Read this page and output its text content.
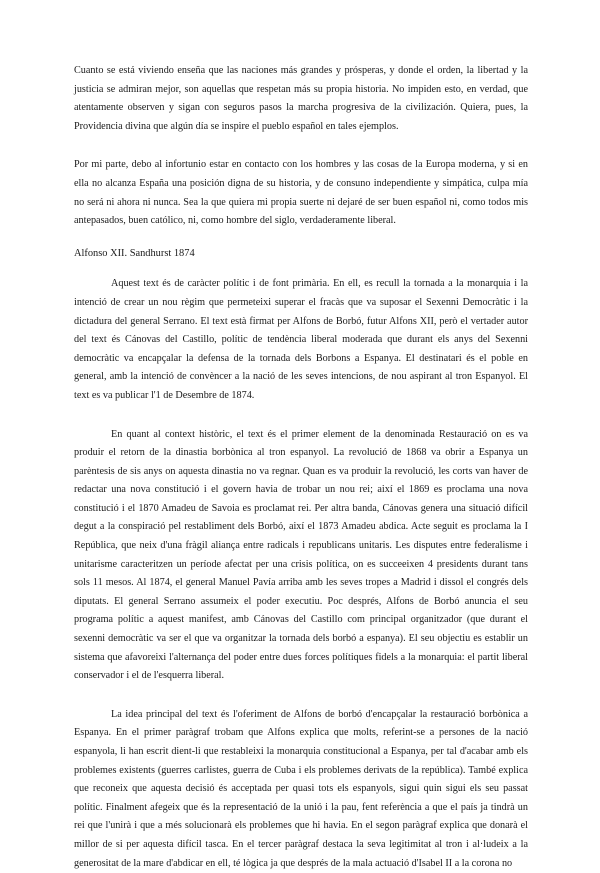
Cuanto se está viviendo enseña que las naciones más grandes y prósperas, y donde el orden, la libertad y la justicia se admiran mejor, son aquellas que respetan más su propia historia. No impiden esto, en verdad, que atentamente observen y sigan con seguros pasos la marcha progresiva de la civilización. Quiera, pues, la Providencia divina que algún día se inspire el pueblo español en tales ejemplos.

Por mi parte, debo al infortunio estar en contacto con los hombres y las cosas de la Europa moderna, y si en ella no alcanza España una posición digna de su historia, y de consuno independiente y simpática, culpa mía no será ni ahora ni nunca. Sea la que quiera mi propia suerte ni dejaré de ser buen español ni, como todos mis antepasados, buen católico, ni, como hombre del siglo, verdaderamente liberal.

Alfonso XII. Sandhurst 1874

Aquest text és de caràcter polític i de font primària. En ell, es recull la tornada a la monarquia i la intenció de crear un nou règim que permeteixi superar el fracàs que va suposar el Sexenni Democràtic i la dictadura del general Serrano. El text està firmat per Alfons de Borbó, futur Alfons XII, però el vertader autor del text és Cánovas del Castillo, polític de tendència liberal moderada que durant els anys del Sexenni democràtic va encapçalar la defensa de la tornada dels Borbons a Espanya. El destinatari és el poble en general, amb la intenció de convèncer a la nació de les seves intencions, de nou aspirant al tron Espanyol. El text es va publicar l'1 de Desembre de 1874.

En quant al context històric, el text és el primer element de la denominada Restauració on es va produir el retorn de la dinastia borbònica al tron espanyol. La revolució de 1868 va obrir a Espanya un parèntesis de sis anys on aquesta dinastia no va regnar. Quan es va produir la revolució, les corts van haver de redactar una nova constitució i el govern havia de trobar un nou rei; així el 1869 es proclama una nova constitució i el 1870 Amadeu de Savoia es proclamat rei. Per altra banda, Cánovas genera una situació difícil degut a la conspiració pel restabliment dels Borbó, així el 1873 Amadeu abdica. Acte seguit es proclama la I República, que neix d'una fràgil aliança entre radicals i republicans unitaris. Les disputes entre federalisme i unitarisme caracteritzen un període afectat per una crisis política, on es succeeixen 4 presidents durant tans sols 11 mesos. Al 1874, el general Manuel Pavía arriba amb les seves tropes a Madrid i dissol el congrés dels diputats. El general Serrano assumeix el poder executiu. Poc després, Alfons de Borbó anuncia el seu programa polític a aquest manifest, amb Cánovas del Castillo com principal organitzador (que durant el sexenni democràtic va ser el que va organitzar la tornada dels borbó a espanya). El seu objectiu es establir un sistema que afavoreixi l'alternança del poder entre dues forces polítiques fidels a la monarquia: el partit liberal conservador i el de l'esquerra liberal.

La idea principal del text és l'oferiment de Alfons de borbó d'encapçalar la restauració borbònica a Espanya. En el primer paràgraf trobam que Alfons explica que molts, referint-se a persones de la nació espanyola, li han escrit dient-li que restableixi la monarquia constitucional a Espanya, per tal d'acabar amb els problemes existents (guerres carlistes, guerra de Cuba i els problemes derivats de la república). També explica que reconeix que aquesta decisió és acceptada per quasi tots els espanyols, sigui quin sigui els seu passat polític. Finalment afegeix que és la representació de la unió i la pau, fent referència a que el país ja tindrà un rei que l'unirà i que a més solucionarà els problemes que hi havia. En el segon paràgraf explica que donarà el millor de si per aquesta difícil tasca. En el tercer paràgraf destaca la seva legitimitat al tron i al·ludeix a la generositat de la mare d'abdicar en ell, té lògica ja que després de la mala actuació d'Isabel II a la corona no
